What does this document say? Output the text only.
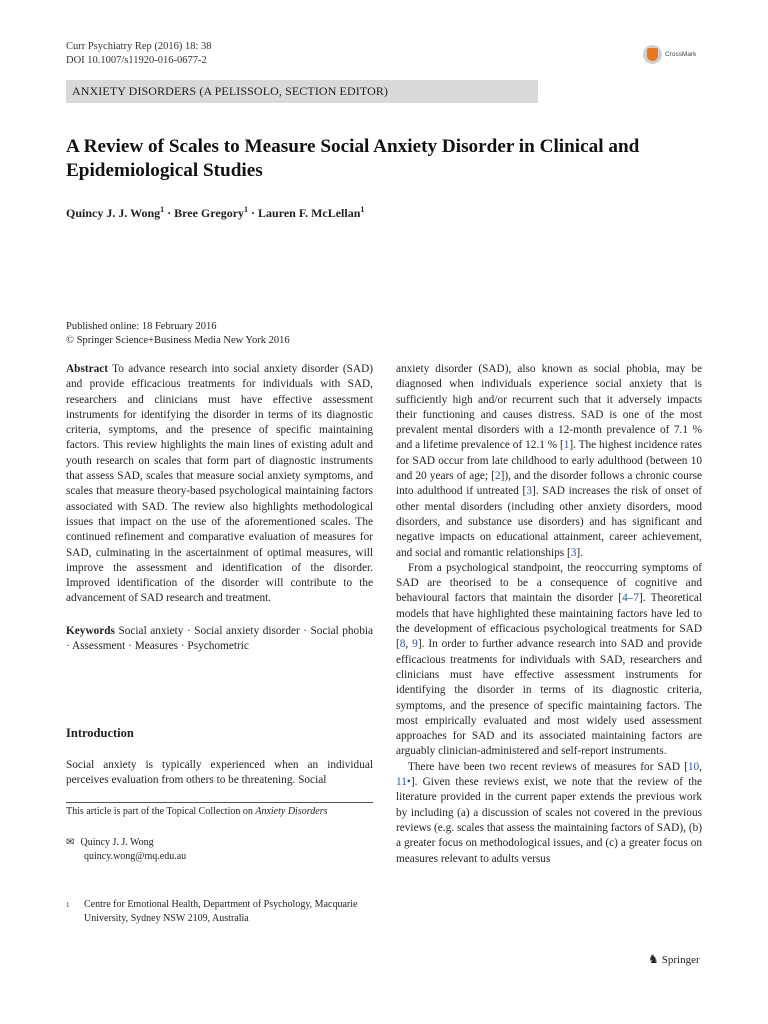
Curr Psychiatry Rep (2016) 18: 38
DOI 10.1007/s11920-016-0677-2
CrossMark
ANXIETY DISORDERS (A PELISSOLO, SECTION EDITOR)
A Review of Scales to Measure Social Anxiety Disorder in Clinical and Epidemiological Studies
Quincy J. J. Wong$^1$ · Bree Gregory$^1$ · Lauren F. McLellan$^1$
Published online: 18 February 2016
© Springer Science+Business Media New York 2016

Abstract To advance research into social anxiety disorder (SAD) and provide efficacious treatments for individuals with SAD, researchers and clinicians must have effective assessment instruments for identifying the disorder in terms of its diagnostic criteria, symptoms, and the presence of specific maintaining factors. This review highlights the main lines of existing adult and youth research on scales that form part of diagnostic instruments that assess SAD, scales that measure social anxiety symptoms, and scales that measure theory-based psychological maintaining factors associated with SAD. The review also highlights methodological issues that impact on the use of the aforementioned scales. The continued refinement and comparative evaluation of measures for SAD, culminating in the ascertainment of optimal measures, will improve the assessment and identification of the disorder. Improved identification of the disorder will contribute to the advancement of SAD research and treatment.

Keywords Social anxiety · Social anxiety disorder · Social phobia · Assessment · Measures · Psychometric

Introduction
Social anxiety is typically experienced when an individual perceives evaluation from others to be threatening. Social
This article is part of the Topical Collection on Anxiety Disorders
✉ Quincy J. J. Wong
quincy.wong@mq.edu.au
1 Centre for Emotional Health, Department of Psychology, Macquarie University, Sydney NSW 2109, Australia

anxiety disorder (SAD), also known as social phobia, may be diagnosed when individuals experience social anxiety that is sufficiently high and/or recurrent such that it adversely impacts their functioning and causes distress. SAD is one of the most prevalent mental disorders with a 12-month prevalence of 7.1 % and a lifetime prevalence of 12.1 % [1]. The highest incidence rates for SAD occur from late childhood to early adulthood (between 10 and 20 years of age; [2]), and the disorder follows a chronic course into adulthood if untreated [3]. SAD increases the risk of onset of other mental disorders (including other anxiety disorders, mood disorders, and substance use disorders) and has significant and negative impacts on educational attainment, career achievement, and social and romantic relationships [3].

From a psychological standpoint, the reoccurring symptoms of SAD are theorised to be a consequence of cognitive and behavioural factors that maintain the disorder [4–7]. Theoretical models that have highlighted these maintaining factors have led to the development of efficacious psychological treatments for SAD [8, 9]. In order to further advance research into SAD and provide efficacious treatments for individuals with SAD, researchers and clinicians must have effective assessment instruments for identifying the disorder in terms of its diagnostic criteria, symptoms, and the presence of specific maintaining factors. The most empirically evaluated and most widely used assessment approaches for SAD and its associated maintaining factors are arguably clinician-administered and self-report instruments.

There have been two recent reviews of measures for SAD [10, 11•]. Given these reviews exist, we note that the review of the literature provided in the current paper extends the previous work by including (a) a discussion of scales not covered in the previous reviews (e.g. scales that assess the maintaining factors of SAD), (b) a greater focus on methodological issues, and (c) a greater focus on measures relevant to adults versus

♞ Springer
